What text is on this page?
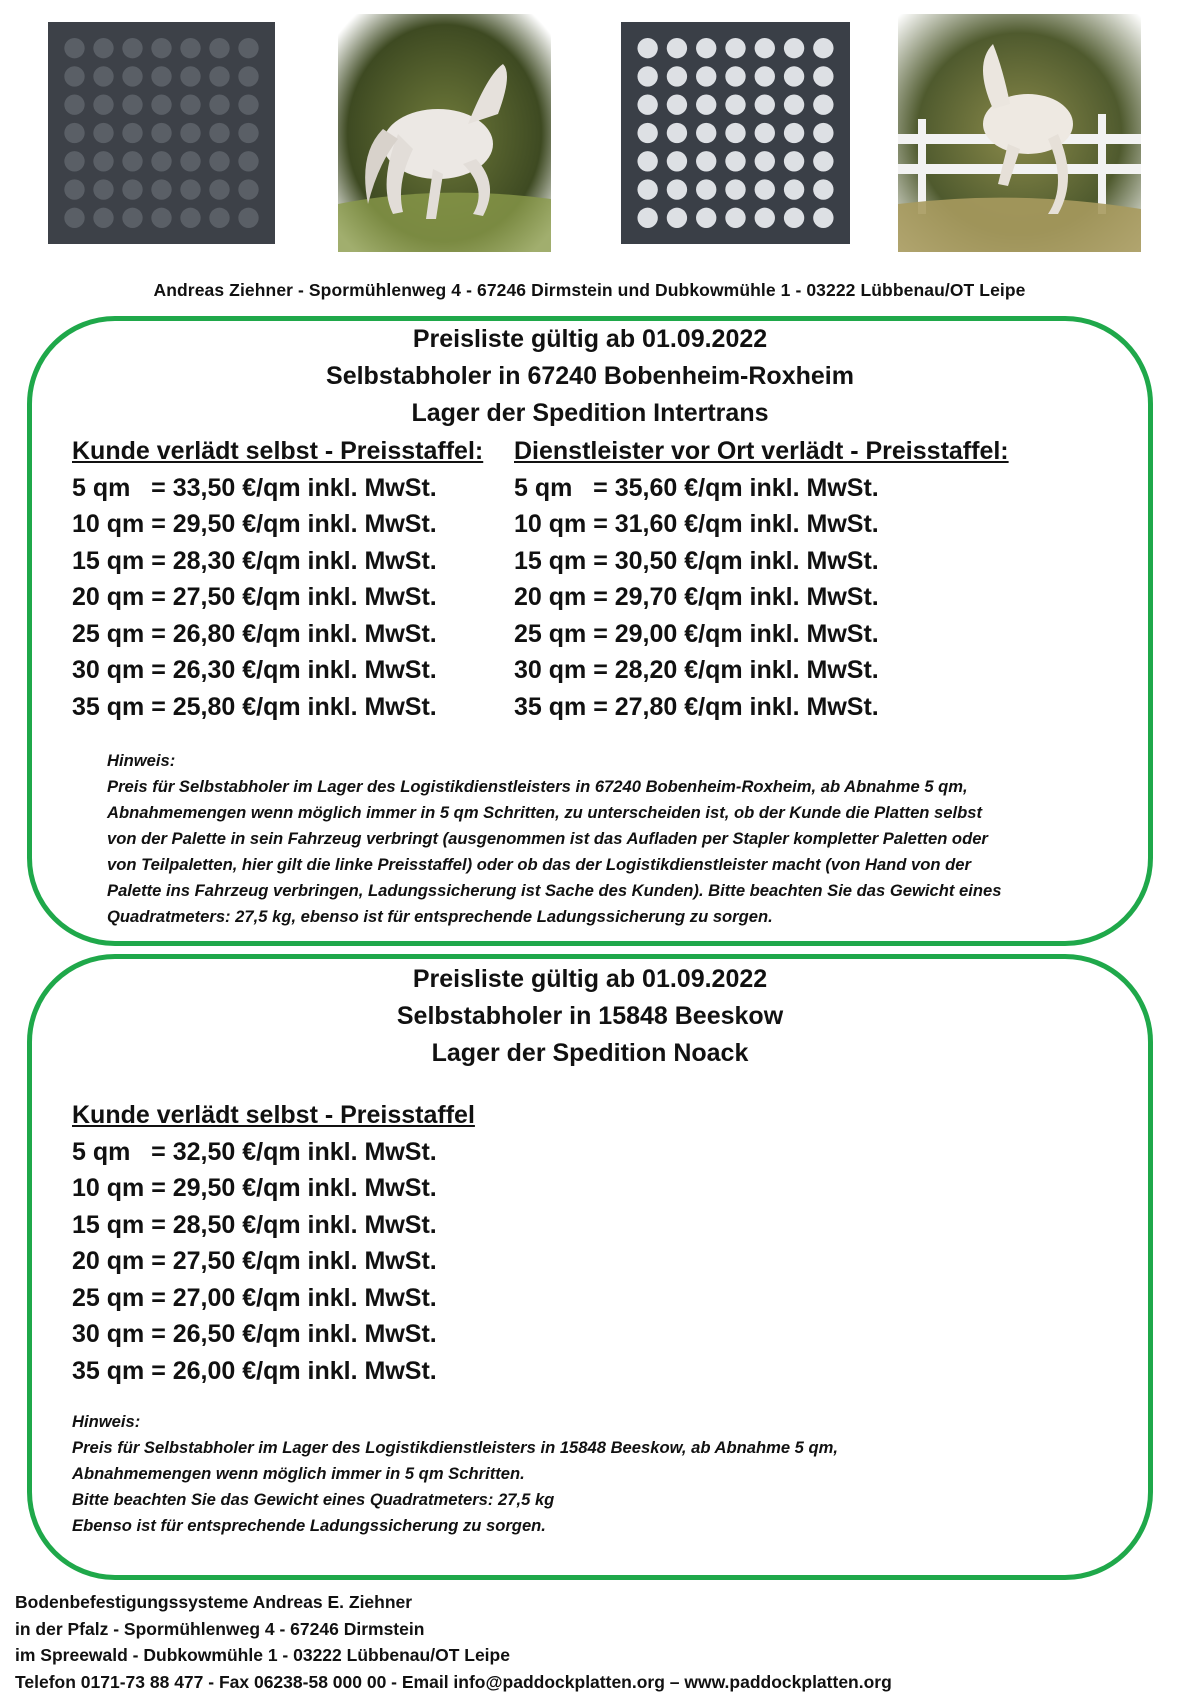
Andreas Ziehner - Spormühlenweg 4 - 67246 Dirmstein und Dubkowmühle 1 - 03222 Lübbenau/OT Leipe
Preisliste gültig ab 01.09.2022
Selbstabholer in 67240 Bobenheim-Roxheim
Lager der Spedition Intertrans
Kunde verlädt selbst - Preisstaffel:
5 qm   = 33,50 €/qm inkl. MwSt.
10 qm = 29,50 €/qm inkl. MwSt.
15 qm = 28,30 €/qm inkl. MwSt.
20 qm = 27,50 €/qm inkl. MwSt.
25 qm = 26,80 €/qm inkl. MwSt.
30 qm = 26,30 €/qm inkl. MwSt.
35 qm = 25,80 €/qm inkl. MwSt.
Dienstleister vor Ort verlädt - Preisstaffel:
5 qm   = 35,60 €/qm inkl. MwSt.
10 qm = 31,60 €/qm inkl. MwSt.
15 qm = 30,50 €/qm inkl. MwSt.
20 qm = 29,70 €/qm inkl. MwSt.
25 qm = 29,00 €/qm inkl. MwSt.
30 qm = 28,20 €/qm inkl. MwSt.
35 qm = 27,80 €/qm inkl. MwSt.
Hinweis:
Preis für Selbstabholer im Lager des Logistikdienstleisters in 67240 Bobenheim-Roxheim, ab Abnahme 5 qm,
Abnahmemengen wenn möglich immer in 5 qm Schritten, zu unterscheiden ist, ob der Kunde die Platten selbst
von der Palette in sein Fahrzeug verbringt (ausgenommen ist das Aufladen per Stapler kompletter Paletten oder
von Teilpaletten, hier gilt die linke Preisstaffel) oder ob das der Logistikdienstleister macht (von Hand von der
Palette ins Fahrzeug verbringen, Ladungssicherung ist Sache des Kunden). Bitte beachten Sie das Gewicht eines
Quadratmeters: 27,5 kg, ebenso ist für entsprechende Ladungssicherung zu sorgen.
Preisliste gültig ab 01.09.2022
Selbstabholer in 15848 Beeskow
Lager der Spedition Noack
Kunde verlädt selbst - Preisstaffel
5 qm   = 32,50 €/qm inkl. MwSt.
10 qm = 29,50 €/qm inkl. MwSt.
15 qm = 28,50 €/qm inkl. MwSt.
20 qm = 27,50 €/qm inkl. MwSt.
25 qm = 27,00 €/qm inkl. MwSt.
30 qm = 26,50 €/qm inkl. MwSt.
35 qm = 26,00 €/qm inkl. MwSt.
Hinweis:
Preis für Selbstabholer im Lager des Logistikdienstleisters in 15848 Beeskow, ab Abnahme 5 qm,
Abnahmemengen wenn möglich immer in 5 qm Schritten.
Bitte beachten Sie das Gewicht eines Quadratmeters: 27,5 kg
Ebenso ist für entsprechende Ladungssicherung zu sorgen.
Bodenbefestigungssysteme Andreas E. Ziehner
in der Pfalz - Spormühlenweg 4 - 67246 Dirmstein
im Spreewald - Dubkowmühle 1 - 03222 Lübbenau/OT Leipe
Telefon 0171-73 88 477 - Fax 06238-58 000 00 - Email info@paddockplatten.org – www.paddockplatten.org
